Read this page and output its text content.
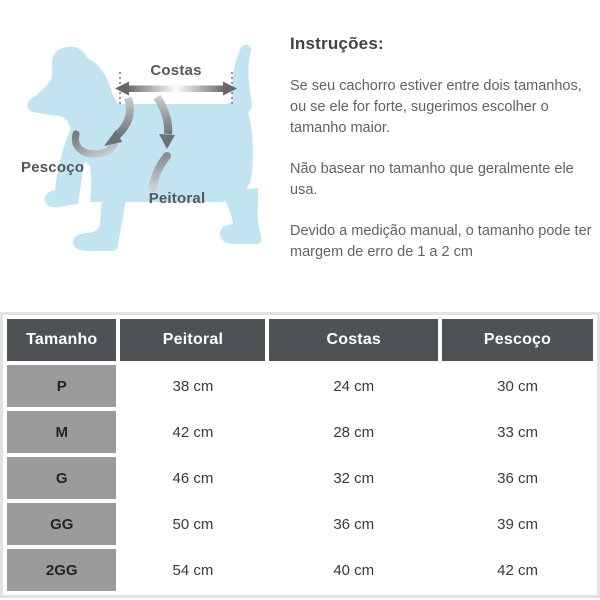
Costas
Pescoço
Peitoral
Instruções:

Se seu cachorro estiver entre dois tamanhos, ou se ele for forte, sugerimos escolher o tamanho maior.

Não basear no tamanho que geralmente ele usa.

Devido a medição manual, o tamanho pode ter margem de erro de 1 a 2 cm

Tamanho	Peitoral	Costas	Pescoço
P	38 cm	24 cm	30 cm
M	42 cm	28 cm	33 cm
G	46 cm	32 cm	36 cm
GG	50 cm	36 cm	39 cm
2GG	54 cm	40 cm	42 cm
